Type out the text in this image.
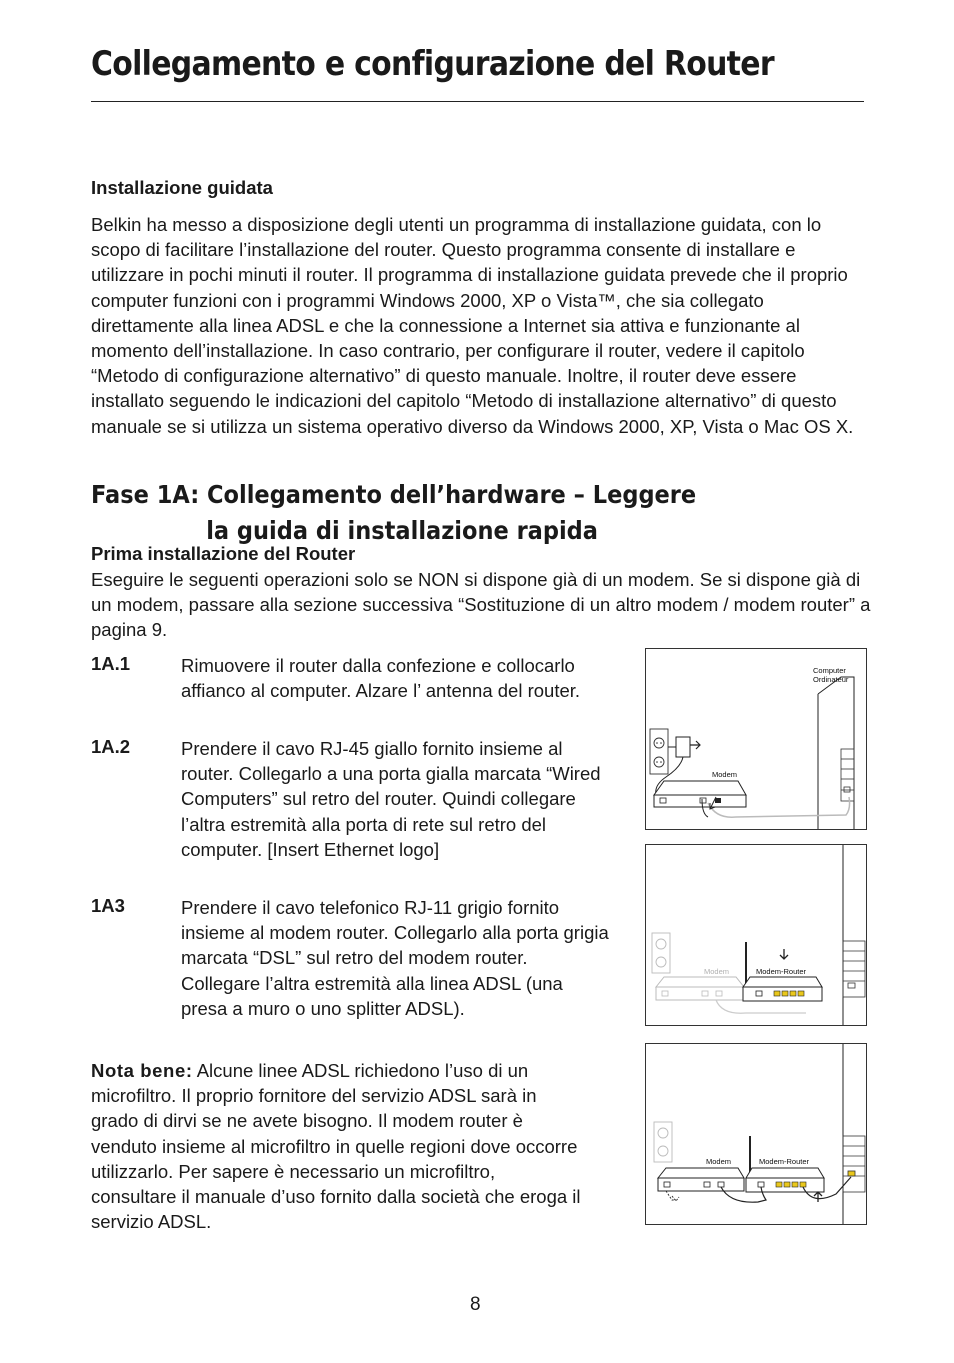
Collegamento e configurazione del Router
Installazione guidata
Belkin ha messo a disposizione degli utenti un programma di installazione guidata, con lo scopo di facilitare l’installazione del router. Questo programma consente di installare e utilizzare in pochi minuti il router. Il programma di installazione guidata prevede che il proprio computer funzioni con i programmi Windows 2000, XP o Vista™, che sia collegato direttamente alla linea ADSL e che la connessione a Internet sia attiva e funzionante al momento dell’installazione. In caso contrario, per configurare il router, vedere il capitolo “Metodo di configurazione alternativo” di questo manuale. Inoltre, il router deve essere installato seguendo le indicazioni del capitolo “Metodo di installazione alternativo” di questo manuale se si utilizza un sistema operativo diverso da Windows 2000, XP, Vista o Mac OS X.
Fase 1A: Collegamento dell’hardware – Leggere
la guida di installazione rapida
Prima installazione del Router
Eseguire le seguenti operazioni solo se NON si dispone già di un modem. Se si dispone già di un modem, passare alla sezione successiva “Sostituzione di un altro modem / modem router” a pagina 9.
1A.1	Rimuovere il router dalla confezione e collocarlo affianco al computer. Alzare l’ antenna del router.
1A.2	Prendere il cavo RJ-45 giallo fornito insieme al router. Collegarlo a una porta gialla marcata “Wired Computers” sul retro del router. Quindi collegare l’altra estremità alla porta di rete sul retro del computer. [Insert Ethernet logo]
1A3	Prendere il cavo telefonico RJ-11 grigio fornito insieme al modem router. Collegarlo alla porta grigia marcata “DSL” sul retro del modem router. Collegare l’altra estremità alla linea ADSL (una presa a muro o uno splitter ADSL).
Nota bene: Alcune linee ADSL richiedono l’uso di un microfiltro. Il proprio fornitore del servizio ADSL sarà in grado di dirvi se ne avete bisogno. Il modem router è venduto insieme al microfiltro in quelle regioni dove occorre utilizzarlo. Per sapere è necessario un microfiltro, consultare il manuale d’uso fornito dalla società che eroga il servizio ADSL.
Computer
Ordinateur
Modem
Modem	Modem-Router
Modem	Modem-Router
8
